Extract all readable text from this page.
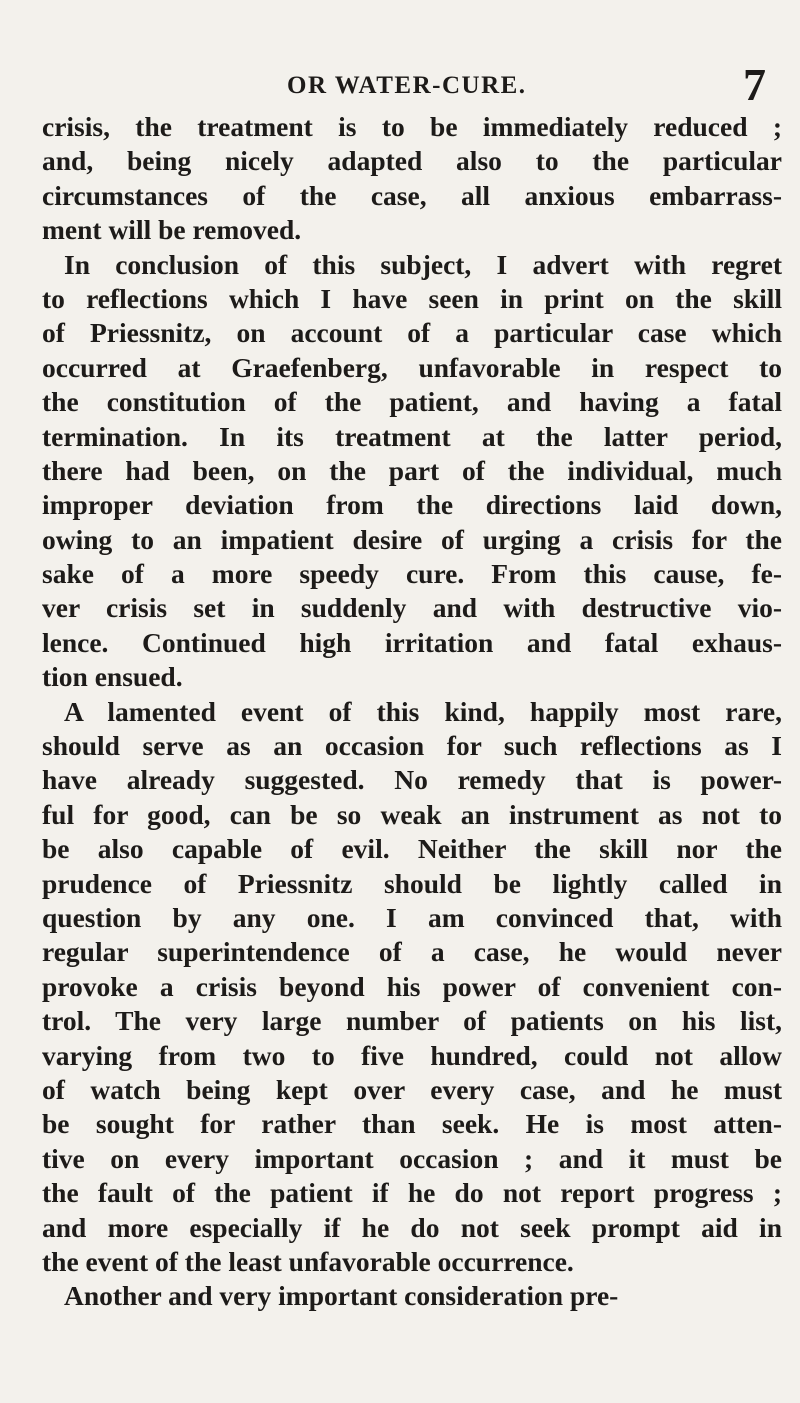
OR WATER-CURE.	7
crisis, the treatment is to be immediately reduced ;
and, being nicely adapted also to the particular
circumstances of the case, all anxious embarrass-
ment will be removed.
In conclusion of this subject, I advert with regret
to reflections which I have seen in print on the skill
of Priessnitz, on account of a particular case which
occurred at Graefenberg, unfavorable in respect to
the constitution of the patient, and having a fatal
termination. In its treatment at the latter period,
there had been, on the part of the individual, much
improper deviation from the directions laid down,
owing to an impatient desire of urging a crisis for the
sake of a more speedy cure. From this cause, fe-
ver crisis set in suddenly and with destructive vio-
lence. Continued high irritation and fatal exhaus-
tion ensued.
A lamented event of this kind, happily most rare,
should serve as an occasion for such reflections as I
have already suggested. No remedy that is power-
ful for good, can be so weak an instrument as not to
be also capable of evil. Neither the skill nor the
prudence of Priessnitz should be lightly called in
question by any one. I am convinced that, with
regular superintendence of a case, he would never
provoke a crisis beyond his power of convenient con-
trol. The very large number of patients on his list,
varying from two to five hundred, could not allow
of watch being kept over every case, and he must
be sought for rather than seek. He is most atten-
tive on every important occasion ; and it must be
the fault of the patient if he do not report progress ;
and more especially if he do not seek prompt aid in
the event of the least unfavorable occurrence.
Another and very important consideration pre-
